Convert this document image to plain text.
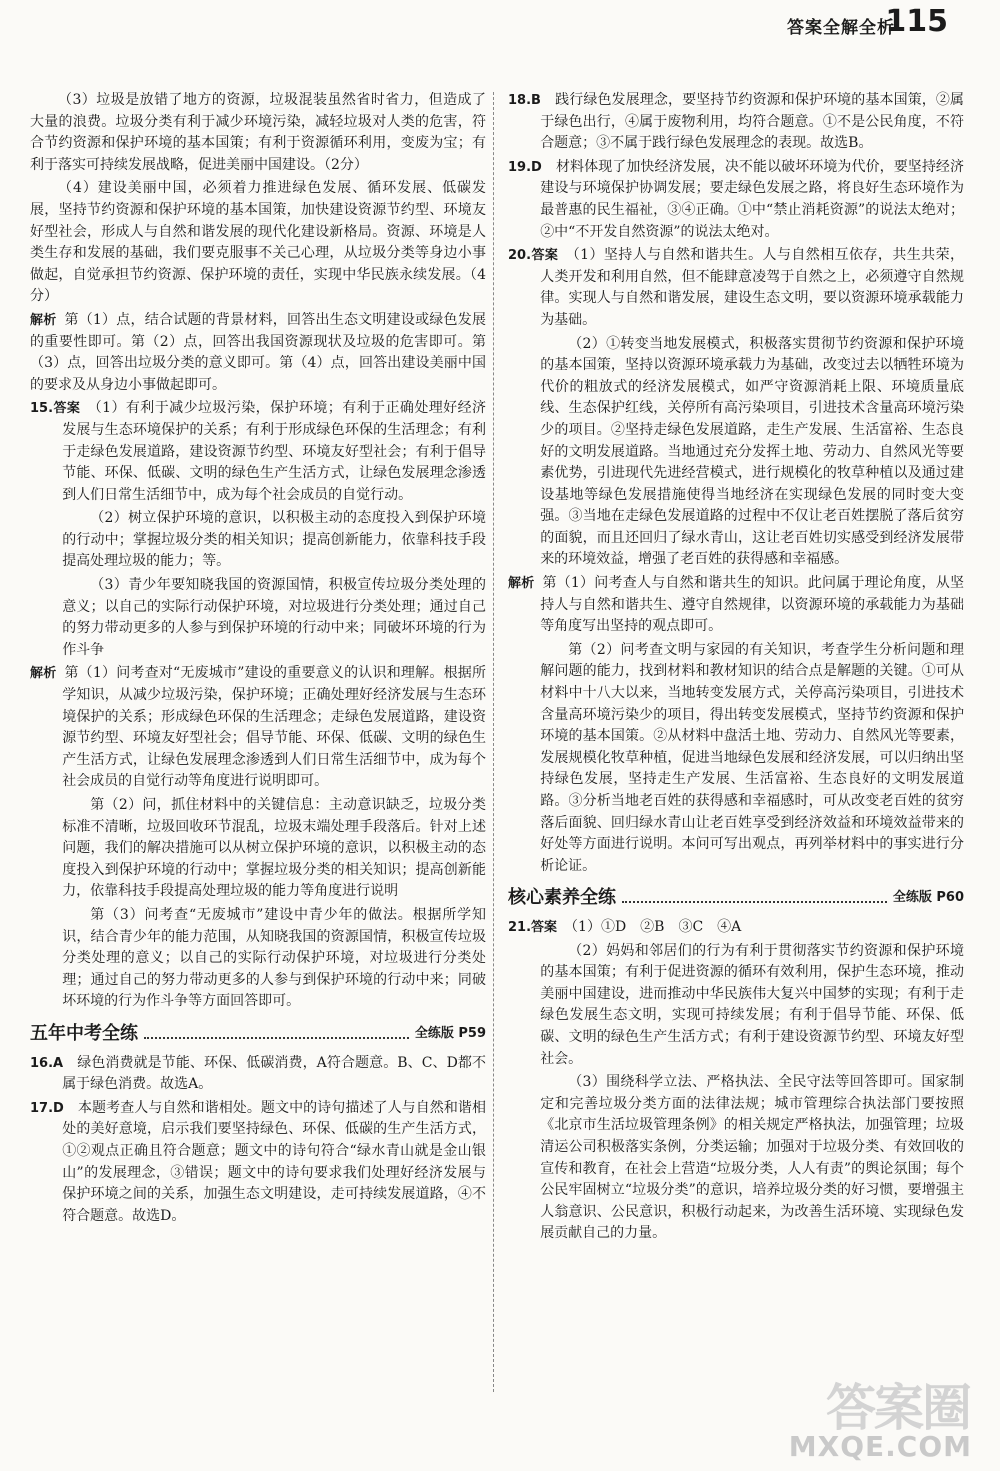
答案全解全析
115

（3）垃圾是放错了地方的资源，垃圾混装虽然省时省力，但造成了大量的浪费。垃圾分类有利于减少环境污染，减轻垃圾对人类的危害，符合节约资源和保护环境的基本国策；有利于资源循环利用，变废为宝；有利于落实可持续发展战略，促进美丽中国建设。（2分）

（4）建设美丽中国，必须着力推进绿色发展、循环发展、低碳发展，坚持节约资源和保护环境的基本国策，加快建设资源节约型、环境友好型社会，形成人与自然和谐发展的现代化建设新格局。资源、环境是人类生存和发展的基础，我们要克服事不关己心理，从垃圾分类等身边小事做起，自觉承担节约资源、保护环境的责任，实现中华民族永续发展。（4分）

解析 第（1）点，结合试题的背景材料，回答出生态文明建设或绿色发展的重要性即可。第（2）点，回答出我国资源现状及垃圾的危害即可。第（3）点，回答出垃圾分类的意义即可。第（4）点，回答出建设美丽中国的要求及从身边小事做起即可。

15.答案　 （1）有利于减少垃圾污染，保护环境；有利于正确处理好经济发展与生态环境保护的关系；有利于形成绿色环保的生活理念；有利于走绿色发展道路，建设资源节约型、环境友好型社会；有利于倡导节能、环保、低碳、文明的绿色生产生活方式，让绿色发展理念渗透到人们日常生活细节中，成为每个社会成员的自觉行动。

（2）树立保护环境的意识，以积极主动的态度投入到保护环境的行动中；掌握垃圾分类的相关知识；提高创新能力，依靠科技手段提高处理垃圾的能力；等。

（3）青少年要知晓我国的资源国情，积极宣传垃圾分类处理的意义；以自己的实际行动保护环境，对垃圾进行分类处理；通过自己的努力带动更多的人参与到保护环境的行动中来；同破坏环境的行为作斗争

解析 第（1）问考查对“无废城市”建设的重要意义的认识和理解。根据所学知识，从减少垃圾污染，保护环境；正确处理好经济发展与生态环境保护的关系；形成绿色环保的生活理念；走绿色发展道路，建设资源节约型、环境友好型社会；倡导节能、环保、低碳、文明的绿色生产生活方式，让绿色发展理念渗透到人们日常生活细节中，成为每个社会成员的自觉行动等角度进行说明即可。

第（2）问，抓住材料中的关键信息：主动意识缺乏，垃圾分类标准不清晰，垃圾回收环节混乱，垃圾末端处理手段落后。针对上述问题，我们的解决措施可以从树立保护环境的意识，以积极主动的态度投入到保护环境的行动中；掌握垃圾分类的相关知识；提高创新能力，依靠科技手段提高处理垃圾的能力等角度进行说明

第（3）问考查“无废城市”建设中青少年的做法。根据所学知识，结合青少年的能力范围，从知晓我国的资源国情，积极宣传垃圾分类处理的意义；以自己的实际行动保护环境，对垃圾进行分类处理；通过自己的努力带动更多的人参与到保护环境的行动中来；同破坏环境的行为作斗争等方面回答即可。

五年中考全练	全练版 P59

16.A　 绿色消费就是节能、环保、低碳消费，A符合题意。B、C、D都不属于绿色消费。故选A。

17.D　 本题考查人与自然和谐相处。题文中的诗句描述了人与自然和谐相处的美好意境，启示我们要坚持绿色、环保、低碳的生产生活方式，①②观点正确且符合题意；题文中的诗句符合“绿水青山就是金山银山”的发展理念，③错误；题文中的诗句要求我们处理好经济发展与保护环境之间的关系，加强生态文明建设，走可持续发展道路，④不符合题意。故选D。

18.B　 践行绿色发展理念，要坚持节约资源和保护环境的基本国策，②属于绿色出行，④属于废物利用，均符合题意。①不是公民角度，不符合题意；③不属于践行绿色发展理念的表现。故选B。

19.D　 材料体现了加快经济发展，决不能以破坏环境为代价，要坚持经济建设与环境保护协调发展；要走绿色发展之路，将良好生态环境作为最普惠的民生福祉，③④正确。①中“禁止消耗资源”的说法太绝对；②中“不开发自然资源”的说法太绝对。

20.答案　 （1）坚持人与自然和谐共生。人与自然相互依存，共生共荣，人类开发和利用自然，但不能肆意凌驾于自然之上，必须遵守自然规律。实现人与自然和谐发展，建设生态文明，要以资源环境承载能力为基础。

（2）①转变当地发展模式，积极落实贯彻节约资源和保护环境的基本国策，坚持以资源环境承载力为基础，改变过去以牺牲环境为代价的粗放式的经济发展模式，如严守资源消耗上限、环境质量底线、生态保护红线，关停所有高污染项目，引进技术含量高环境污染少的项目。②坚持走绿色发展道路，走生产发展、生活富裕、生态良好的文明发展道路。当地通过充分发挥土地、劳动力、自然风光等要素优势，引进现代先进经营模式，进行规模化的牧草种植以及通过建设基地等绿色发展措施使得当地经济在实现绿色发展的同时变大变强。③当地在走绿色发展道路的过程中不仅让老百姓摆脱了落后贫穷的面貌，而且还回归了绿水青山，这让老百姓切实感受到经济发展带来的环境效益，增强了老百姓的获得感和幸福感。

解析 第（1）问考查人与自然和谐共生的知识。此问属于理论角度，从坚持人与自然和谐共生、遵守自然规律，以资源环境的承载能力为基础等角度写出坚持的观点即可。

第（2）问考查文明与家园的有关知识，考查学生分析问题和理解问题的能力，找到材料和教材知识的结合点是解题的关键。①可从材料中十八大以来，当地转变发展方式，关停高污染项目，引进技术含量高环境污染少的项目，得出转变发展模式，坚持节约资源和保护环境的基本国策。②从材料中盘活土地、劳动力、自然风光等要素，发展规模化牧草种植，促进当地绿色发展和经济发展，可以归纳出坚持绿色发展，坚持走生产发展、生活富裕、生态良好的文明发展道路。③分析当地老百姓的获得感和幸福感时，可从改变老百姓的贫穷落后面貌、回归绿水青山让老百姓享受到经济效益和环境效益带来的好处等方面进行说明。本问可写出观点，再列举材料中的事实进行分析论证。

核心素养全练	全练版 P60

21.答案　 （1）①D　②B　③C　④A

（2）妈妈和邻居们的行为有利于贯彻落实节约资源和保护环境的基本国策；有利于促进资源的循环有效利用，保护生态环境，推动美丽中国建设，进而推动中华民族伟大复兴中国梦的实现；有利于走绿色发展生态文明，实现可持续发展；有利于倡导节能、环保、低碳、文明的绿色生产生活方式；有利于建设资源节约型、环境友好型社会。

（3）围绕科学立法、严格执法、全民守法等回答即可。国家制定和完善垃圾分类方面的法律法规；城市管理综合执法部门要按照《北京市生活垃圾管理条例》的相关规定严格执法，加强管理；垃圾清运公司积极落实条例，分类运输；加强对于垃圾分类、有效回收的宣传和教育，在社会上营造“垃圾分类，人人有责”的舆论氛围；每个公民牢固树立“垃圾分类”的意识，培养垃圾分类的好习惯，要增强主人翁意识、公民意识，积极行动起来，为改善生活环境、实现绿色发展贡献自己的力量。

答案圈
MXQE.COM
